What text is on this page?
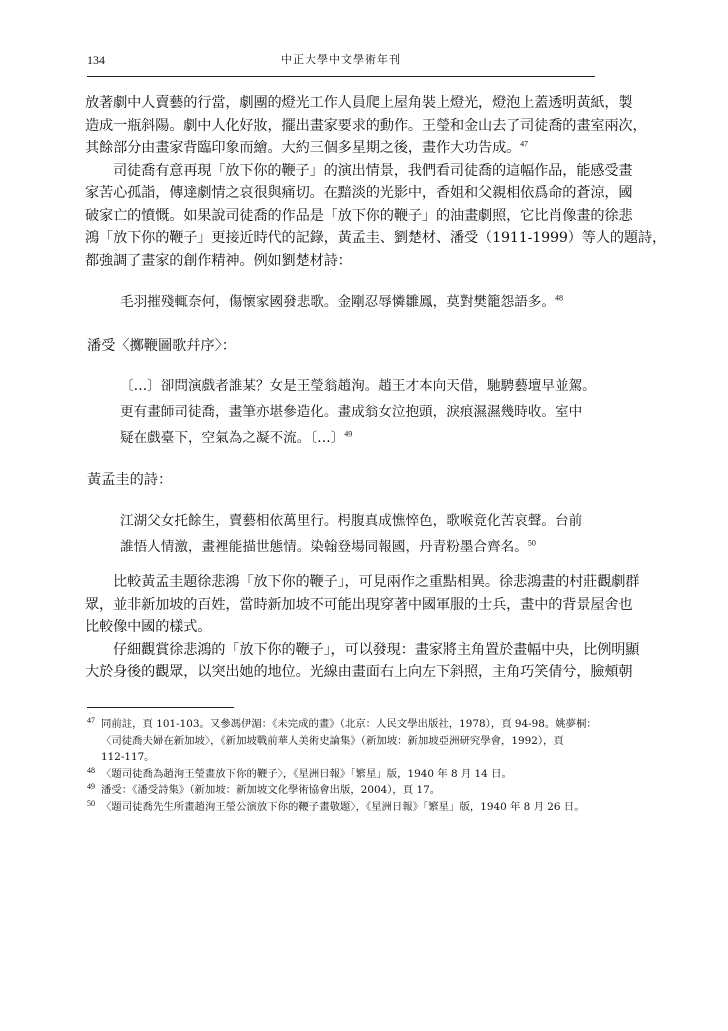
134	中正大學中文學術年刊

放著劇中人賣藝的行當，劇團的燈光工作人員爬上屋角裝上燈光，燈泡上蓋透明黃紙，製

造成一瓶斜陽。劇中人化好妝，擺出畫家要求的動作。王瑩和金山去了司徒喬的畫室兩次，

其餘部分由畫家背臨印象而繪。大約三個多星期之後，畫作大功告成。$^{47}$

司徒喬有意再現「放下你的鞭子」的演出情景，我們看司徒喬的這幅作品，能感受畫

家苦心孤詣，傳達劇情之哀很與痛切。在黯淡的光影中，香姐和父親相依爲命的蒼涼，國

破家亡的憤慨。如果說司徒喬的作品是「放下你的鞭子」的油畫劇照，它比肖像畫的徐悲

鴻「放下你的鞭子」更接近時代的記錄，黃孟圭、劉楚材、潘受（1911-1999）等人的題詩，

都強調了畫家的創作精神。例如劉楚材詩：

毛羽摧殘輒奈何，傷懷家國發悲歌。金剛忍辱憐雛鳳，莫對樊籠怨語多。$^{48}$

潘受〈擲鞭圖歌幷序〉：

〔…〕卻問演戲者誰某？女是王瑩翁趙洵。趙王才本向天借，馳騁藝壇早並駕。

更有畫師司徒喬，畫筆亦堪參造化。畫成翁女泣抱頭，淚痕濕濕幾時收。室中

疑在戲臺下，空氣為之凝不流。〔…〕$^{49}$

黃孟圭的詩：

江湖父女托餘生，賣藝相依萬里行。枵腹真成憔悴色，歌喉竟化苦哀聲。台前

誰悟人情激，畫裡能描世態情。染翰登場同報國，丹青粉墨合齊名。$^{50}$

比較黃孟圭題徐悲鴻「放下你的鞭子」，可見兩作之重點相異。徐悲鴻畫的村莊觀劇群

眾，並非新加坡的百姓，當時新加坡不可能出現穿著中國軍服的士兵，畫中的背景屋舍也

比較像中國的樣式。

仔細觀賞徐悲鴻的「放下你的鞭子」，可以發現：畫家將主角置於畫幅中央，比例明顯

大於身後的觀眾，以突出她的地位。光線由畫面右上向左下斜照，主角巧笑倩兮，臉頰朝

47 同前註，頁 101-103。又參馮伊湄：《未完成的畫》（北京：人民文學出版社，1978），頁 94-98。姚夢桐：
〈司徒喬夫婦在新加坡〉，《新加坡戰前華人美術史論集》（新加坡：新加坡亞洲研究學會，1992），頁
112-117。
48 〈題司徒喬為趙洵王瑩畫放下你的鞭子〉，《星洲日報》「繁星」版，1940 年 8 月 14 日。
49 潘受：《潘受詩集》（新加坡：新加坡文化學術協會出版，2004），頁 17。
50 〈題司徒喬先生所畫趙洵王瑩公演放下你的鞭子畫敬題〉，《星洲日報》「繁星」版，1940 年 8 月 26 日。
